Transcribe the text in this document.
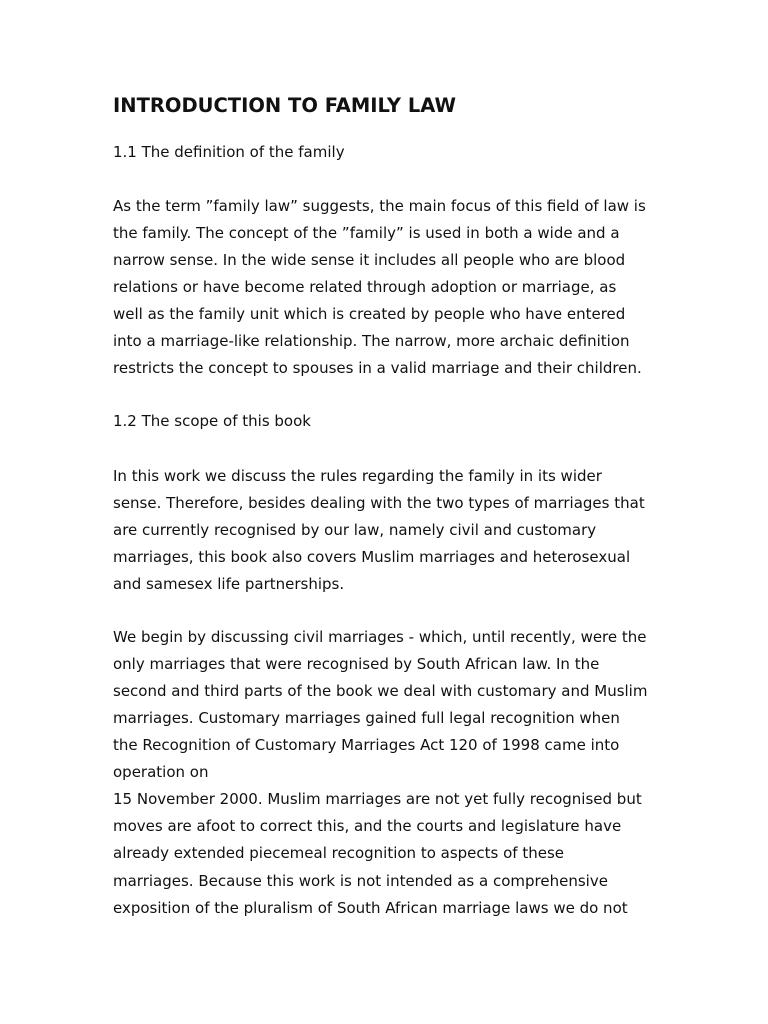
INTRODUCTION TO FAMILY LAW
1.1 The definition of the family
As the term ”family law” suggests, the main focus of this field of law is
the family. The concept of the ”family” is used in both a wide and a
narrow sense. In the wide sense it includes all people who are blood
relations or have become related through adoption or marriage, as
well as the family unit which is created by people who have entered
into a marriage-like relationship. The narrow, more archaic definition
restricts the concept to spouses in a valid marriage and their children.
1.2 The scope of this book
In this work we discuss the rules regarding the family in its wider
sense. Therefore, besides dealing with the two types of marriages that
are currently recognised by our law, namely civil and customary
marriages, this book also covers Muslim marriages and heterosexual
and samesex life partnerships.
We begin by discussing civil marriages - which, until recently, were the
only marriages that were recognised by South African law. In the
second and third parts of the book we deal with customary and Muslim
marriages. Customary marriages gained full legal recognition when
the Recognition of Customary Marriages Act 120 of 1998 came into
operation on
15 November 2000. Muslim marriages are not yet fully recognised but
moves are afoot to correct this, and the courts and legislature have
already extended piecemeal recognition to aspects of these
marriages. Because this work is not intended as a comprehensive
exposition of the pluralism of South African marriage laws we do not
